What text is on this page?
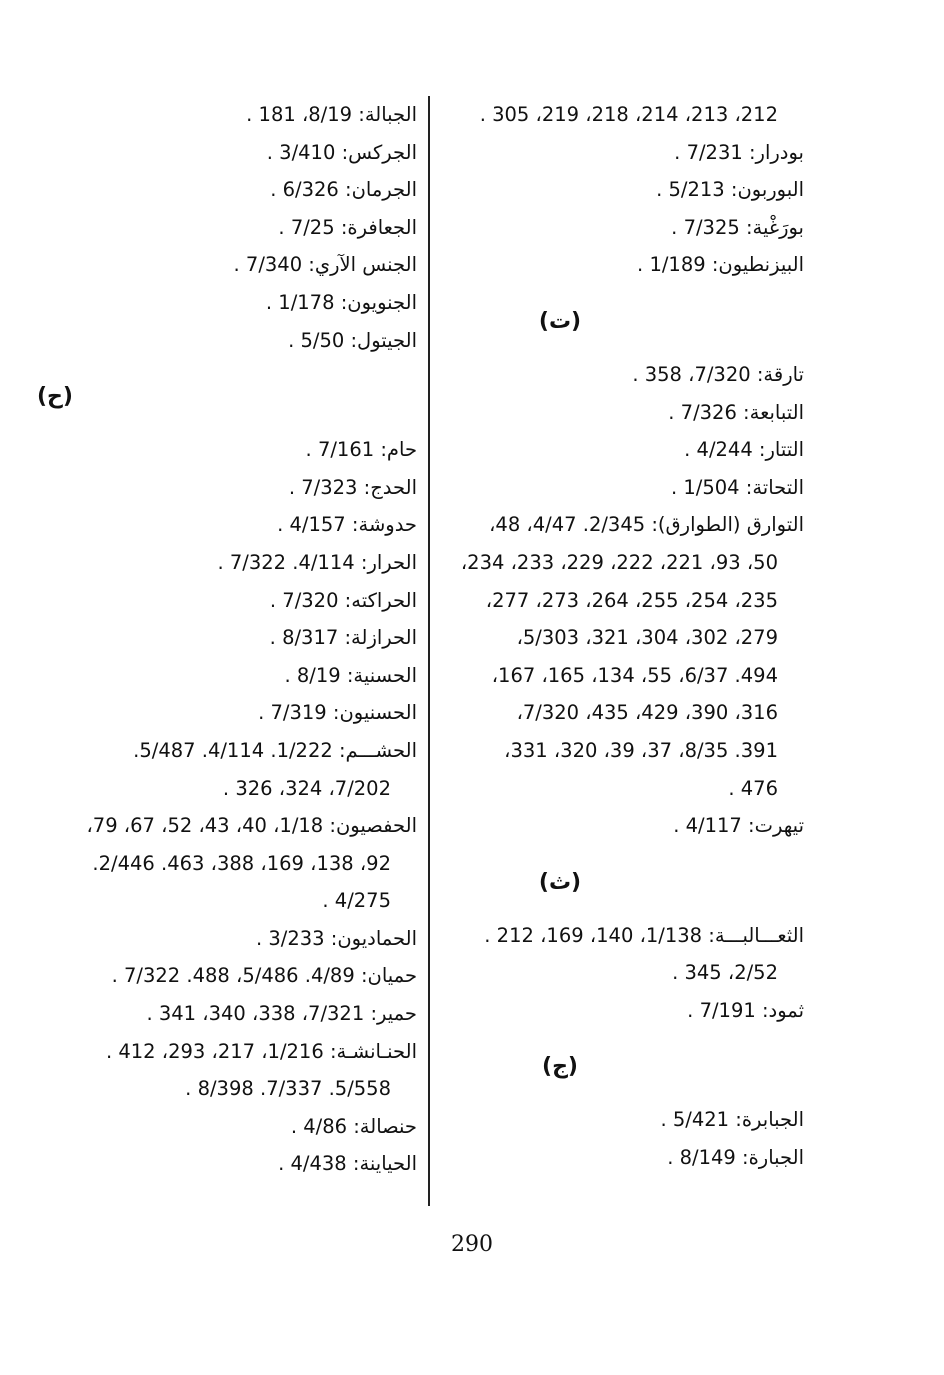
212، 213، 214، 218، 219، 305 .
بودرار: 7/231 .
البوربون: 5/213 .
بورَغْية: 7/325 .
البيزنطيون: 1/189 .
(ت)
تارقة: 7/320، 358 .
التبابعة: 7/326 .
التتار: 4/244 .
التحاتة: 1/504 .
التوارق (الطوارق): 2/345. 4/47، 48،
50، 93، 221، 222، 229، 233، 234،
235، 254، 255، 264، 273، 277،
279، 302، 304، 321، 5/303،
494. 6/37، 55، 134، 165، 167،
316، 390، 429، 435، 7/320،
391. 8/35، 37، 39، 320، 331،
476 .
تيهرت: 4/117 .
(ث)
الثعـــالبـــة: 1/138، 140، 169، 212 .
2/52، 345 .
ثمود: 7/191 .
(ج)
الجبابرة: 5/421 .
الجبارة: 8/149 .
الجبالة: 8/19، 181 .
الجركس: 3/410 .
الجرمان: 6/326 .
الجعافرة: 7/25 .
الجنس الآري: 7/340 .
الجنويون: 1/178 .
الجيتول: 5/50 .
(ح)
حام: 7/161 .
الحدج: 7/323 .
حدوشة: 4/157 .
الحرار: 4/114. 7/322 .
الحراكته: 7/320 .
الحرازلة: 8/317 .
الحسنية: 8/19 .
الحسنيون: 7/319 .
الحشـــم: 1/222. 4/114. 5/487.
7/202، 324، 326 .
الحفصيون: 1/18، 40، 43، 52، 67، 79،
92، 138، 169، 388، 463. 2/446.
4/275 .
الحماديون: 3/233 .
حميان: 4/89. 5/486، 488. 7/322 .
حمير: 7/321، 338، 340، 341 .
الحنـانشـة: 1/216، 217، 293، 412 .
5/558. 7/337. 8/398 .
حنصالة: 4/86 .
الحياينة: 4/438 .
290
